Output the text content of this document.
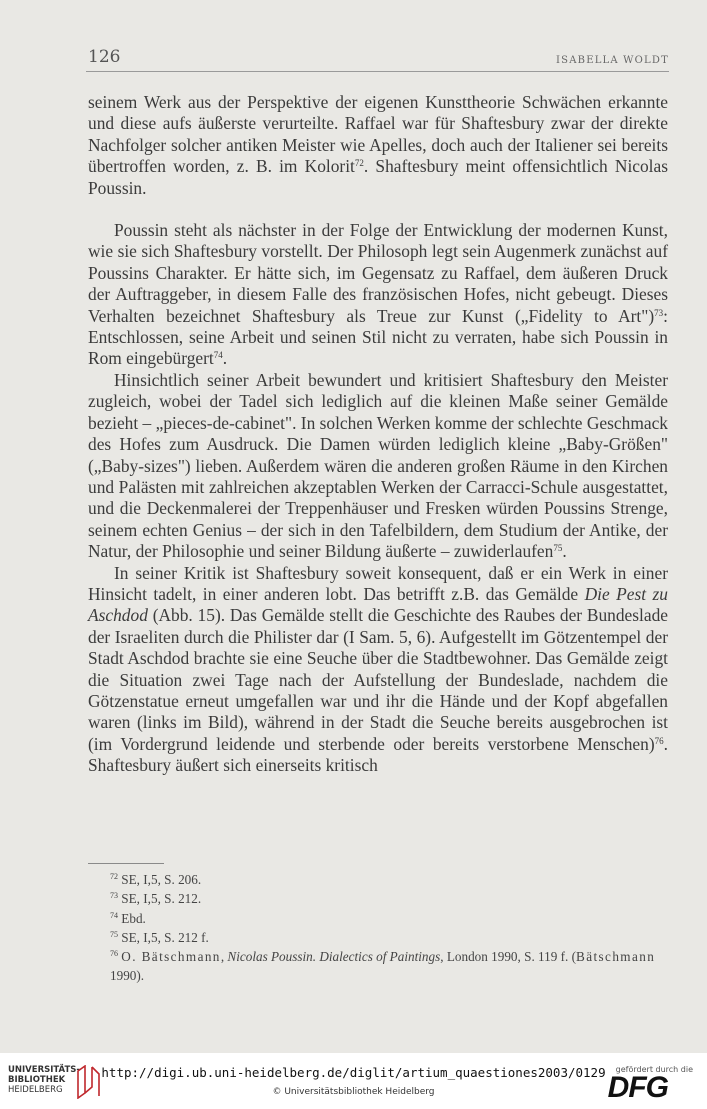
126	ISABELLA WOLDT

seinem Werk aus der Perspektive der eigenen Kunsttheorie Schwächen erkannte und diese aufs äußerste verurteilte. Raffael war für Shaftesbury zwar der direkte Nachfolger solcher antiken Meister wie Apelles, doch auch der Italiener sei bereits übertroffen worden, z. B. im Kolorit$^{72}$. Shaftesbury meint offensichtlich Nicolas Poussin.

Poussin steht als nächster in der Folge der Entwicklung der modernen Kunst, wie sie sich Shaftesbury vorstellt. Der Philosoph legt sein Augenmerk zunächst auf Poussins Charakter. Er hätte sich, im Gegensatz zu Raffael, dem äußeren Druck der Auftraggeber, in diesem Falle des französischen Hofes, nicht gebeugt. Dieses Verhalten bezeichnet Shaftesbury als Treue zur Kunst („Fidelity to Art")$^{73}$: Entschlossen, seine Arbeit und seinen Stil nicht zu verraten, habe sich Poussin in Rom eingebürgert$^{74}$.

Hinsichtlich seiner Arbeit bewundert und kritisiert Shaftesbury den Meister zugleich, wobei der Tadel sich lediglich auf die kleinen Maße seiner Gemälde bezieht – „pieces-de-cabinet". In solchen Werken komme der schlechte Geschmack des Hofes zum Ausdruck. Die Damen würden lediglich kleine „Baby-Größen" („Baby-sizes") lieben. Außerdem wären die anderen großen Räume in den Kirchen und Palästen mit zahlreichen akzeptablen Werken der Carracci-Schule ausgestattet, und die Deckenmalerei der Treppenhäuser und Fresken würden Poussins Strenge, seinem echten Genius – der sich in den Tafelbildern, dem Studium der Antike, der Natur, der Philosophie und seiner Bildung äußerte – zuwiderlaufen$^{75}$.

In seiner Kritik ist Shaftesbury soweit konsequent, daß er ein Werk in einer Hinsicht tadelt, in einer anderen lobt. Das betrifft z.B. das Gemälde Die Pest zu Aschdod (Abb. 15). Das Gemälde stellt die Geschichte des Raubes der Bundeslade der Israeliten durch die Philister dar (I Sam. 5, 6). Aufgestellt im Götzentempel der Stadt Aschdod brachte sie eine Seuche über die Stadtbewohner. Das Gemälde zeigt die Situation zwei Tage nach der Aufstellung der Bundeslade, nachdem die Götzenstatue erneut umgefallen war und ihr die Hände und der Kopf abgefallen waren (links im Bild), während in der Stadt die Seuche bereits ausgebrochen ist (im Vordergrund leidende und sterbende oder bereits verstorbene Menschen)$^{76}$. Shaftesbury äußert sich einerseits kritisch

$^{72}$ SE, I,5, S. 206.

$^{73}$ SE, I,5, S. 212.

$^{74}$ Ebd.

$^{75}$ SE, I,5, S. 212 f.

$^{76}$ O. Bätschmann, Nicolas Poussin. Dialectics of Paintings, London 1990, S. 119 f. (Bätschmann 1990).

UNIVERSITÄTS-
BIBLIOTHEK
HEIDELBERG
http://digi.ub.uni-heidelberg.de/diglit/artium_quaestiones2003/0129
© Universitätsbibliothek Heidelberg
gefördert durch die
DFG
